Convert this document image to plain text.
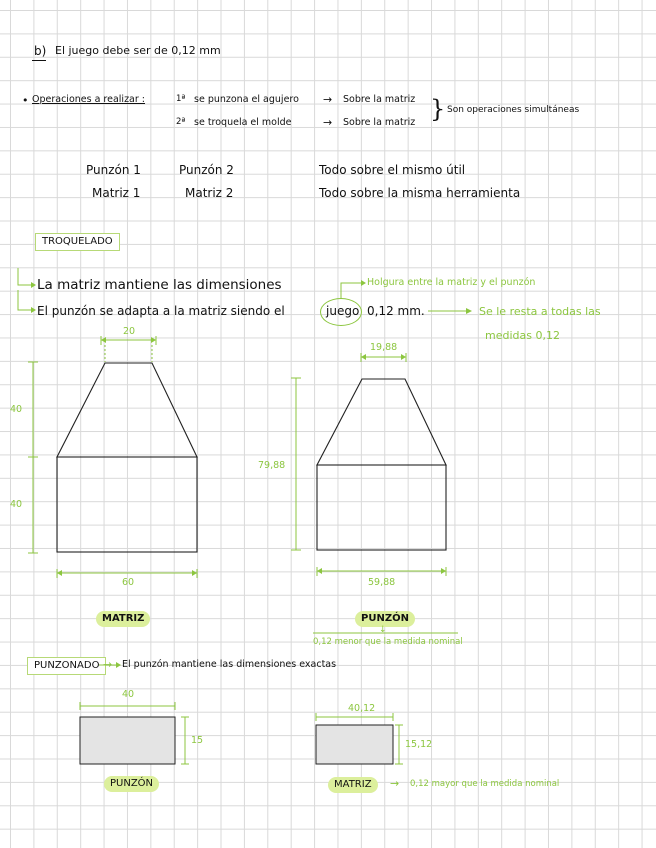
b) El juego debe ser de 0,12 mm
• Operaciones a realizar :	1ª se punzona el agujero → Sobre la matriz
2ª se troquela el molde	→ Sobre la matriz } Son operaciones simultáneas
Punzón 1	Punzón 2	Todo sobre el mismo útil
Matriz 1	Matriz 2	Todo sobre la misma herramienta
TROQUELADO
La matriz mantiene las dimensiones
El punzón se adapta a la matriz siendo el	juego 0,12 mm.
Holgura entre la matriz y el punzón
Se le resta a todas las
medidas 0,12
20
40
40
60
MATRIZ
19,88
79,88
59,88
PUNZÓN
↓
0,12 menor que la medida nominal
PUNZONADO → El punzón mantiene las dimensiones exactas
40
15
PUNZÓN
40,12
15,12
MATRIZ	→ 0,12 mayor que la medida nominal
